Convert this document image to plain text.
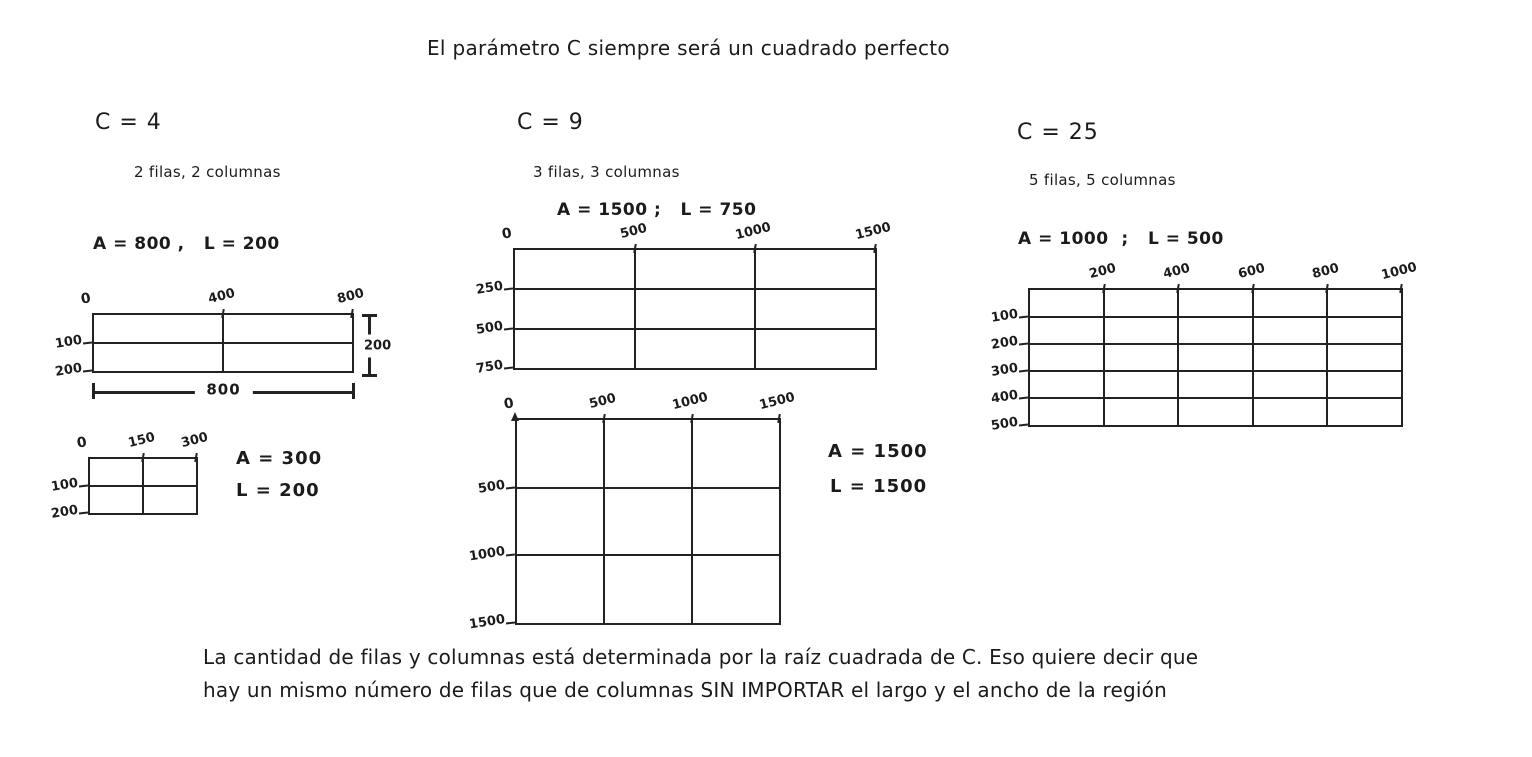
El parámetro C siempre será un cuadrado perfecto
C = 4
2 filas, 2 columnas
A = 800 ,   L = 200
0	400	800
100
200
800
200
0	150 300
100
200
A = 300
L = 200
C = 9
3 filas, 3 columnas
A = 1500 ;   L = 750
0	500	1000	1500
250
500
750
0	500	1000	1500
500
1000
1500
A = 1500
L = 1500
C = 25
5 filas, 5 columnas
A = 1000  ;   L = 500
200	400	600	800	1000
100
200
300
400
500
La cantidad de filas y columnas está determinada por la raíz cuadrada de C. Eso quiere decir que
hay un mismo número de filas que de columnas SIN IMPORTAR el largo y el ancho de la región
